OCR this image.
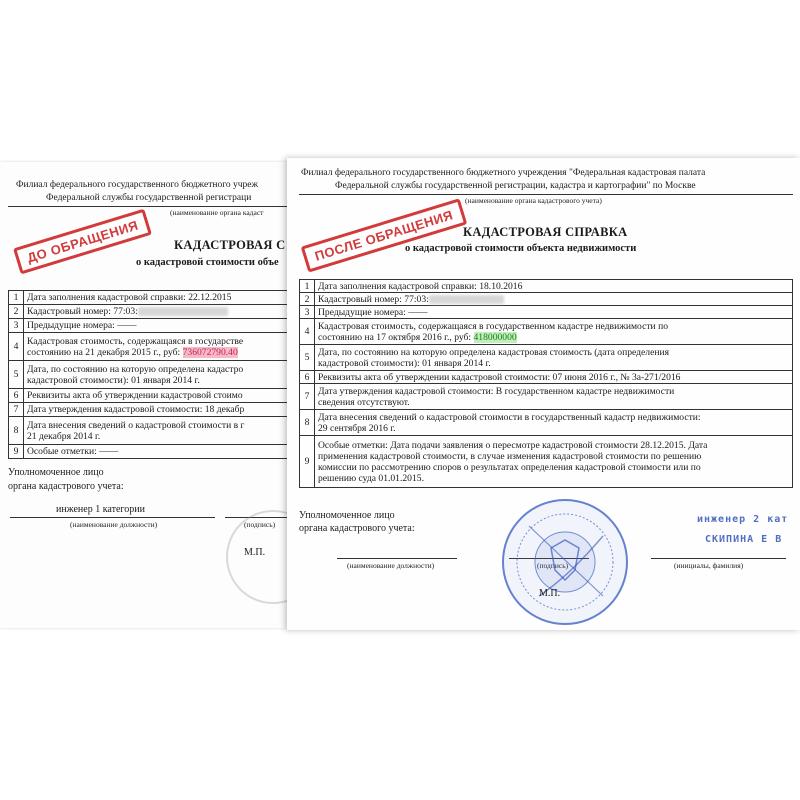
Филиал федерального государственного бюджетного учреж
Федеральной службы государственной регистраци
(наименование органа кадаст
ДО ОБРАЩЕНИЯ	КАДАСТРОВАЯ С
о кадастровой стоимости объе
1	Дата заполнения кадастровой справки: 22.12.2015
2	Кадастровый номер: 77:03:
3	Предыдущие номера: ——
4	Кадастровая стоимость, содержащаяся в государстве
состоянию на 21 декабря 2015 г., руб: 736072790.40

5	Дата, по состоянию на которую определена кадастро
кадастровой стоимости): 01 января 2014 г.

6	Реквизиты акта об утверждении кадастровой стоимо
7	Дата утверждения кадастровой стоимости: 18 декабр
8	Дата внесения сведений о кадастровой стоимости в г
21 декабря 2014 г.

9	Особые отметки: ——
Уполномоченное лицо
органа кадастрового учета:
инженер 1 категории
(наименование должности)	(подпись)
М.П.

Филиал федерального государственного бюджетного учреждения "Федеральная кадастровая палата
Федеральной службы государственной регистрации, кадастра и картографии" по Москве
(наименование органа кадастрового учета)
ПОСЛЕ ОБРАЩЕНИЯ КАДАСТРОВАЯ СПРАВКА
о кадастровой стоимости объекта недвижимости
1	Дата заполнения кадастровой справки: 18.10.2016
2	Кадастровый номер: 77:03:
3	Предыдущие номера: ——
4	Кадастровая стоимость, содержащаяся в государственном кадастре недвижимости по
состоянию на 17 октября 2016 г., руб: 418000000

5	Дата, по состоянию на которую определена кадастровая стоимость (дата определения
кадастровой стоимости): 01 января 2014 г.

6	Реквизиты акта об утверждении кадастровой стоимости: 07 июня 2016 г., № 3а-271/2016
7	Дата утверждения кадастровой стоимости: В государственном кадастре недвижимости
сведения отсутствуют.

8	Дата внесения сведений о кадастровой стоимости в государственный кадастр недвижимости:
29 сентября 2016 г.

9	Особые отметки: Дата подачи заявления о пересмотре кадастровой стоимости 28.12.2015. Дата
применения кадастровой стоимости, в случае изменения кадастровой стоимости по решению
комиссии по рассмотрению споров о результатах определения кадастровой стоимости или по
решению суда 01.01.2015.
Уполномоченное лицо
органа кадастрового учета:
(наименование должности)	(инициалы, фамилия)
М.П.
инженер 2 кат
СКИПИНА Е В
